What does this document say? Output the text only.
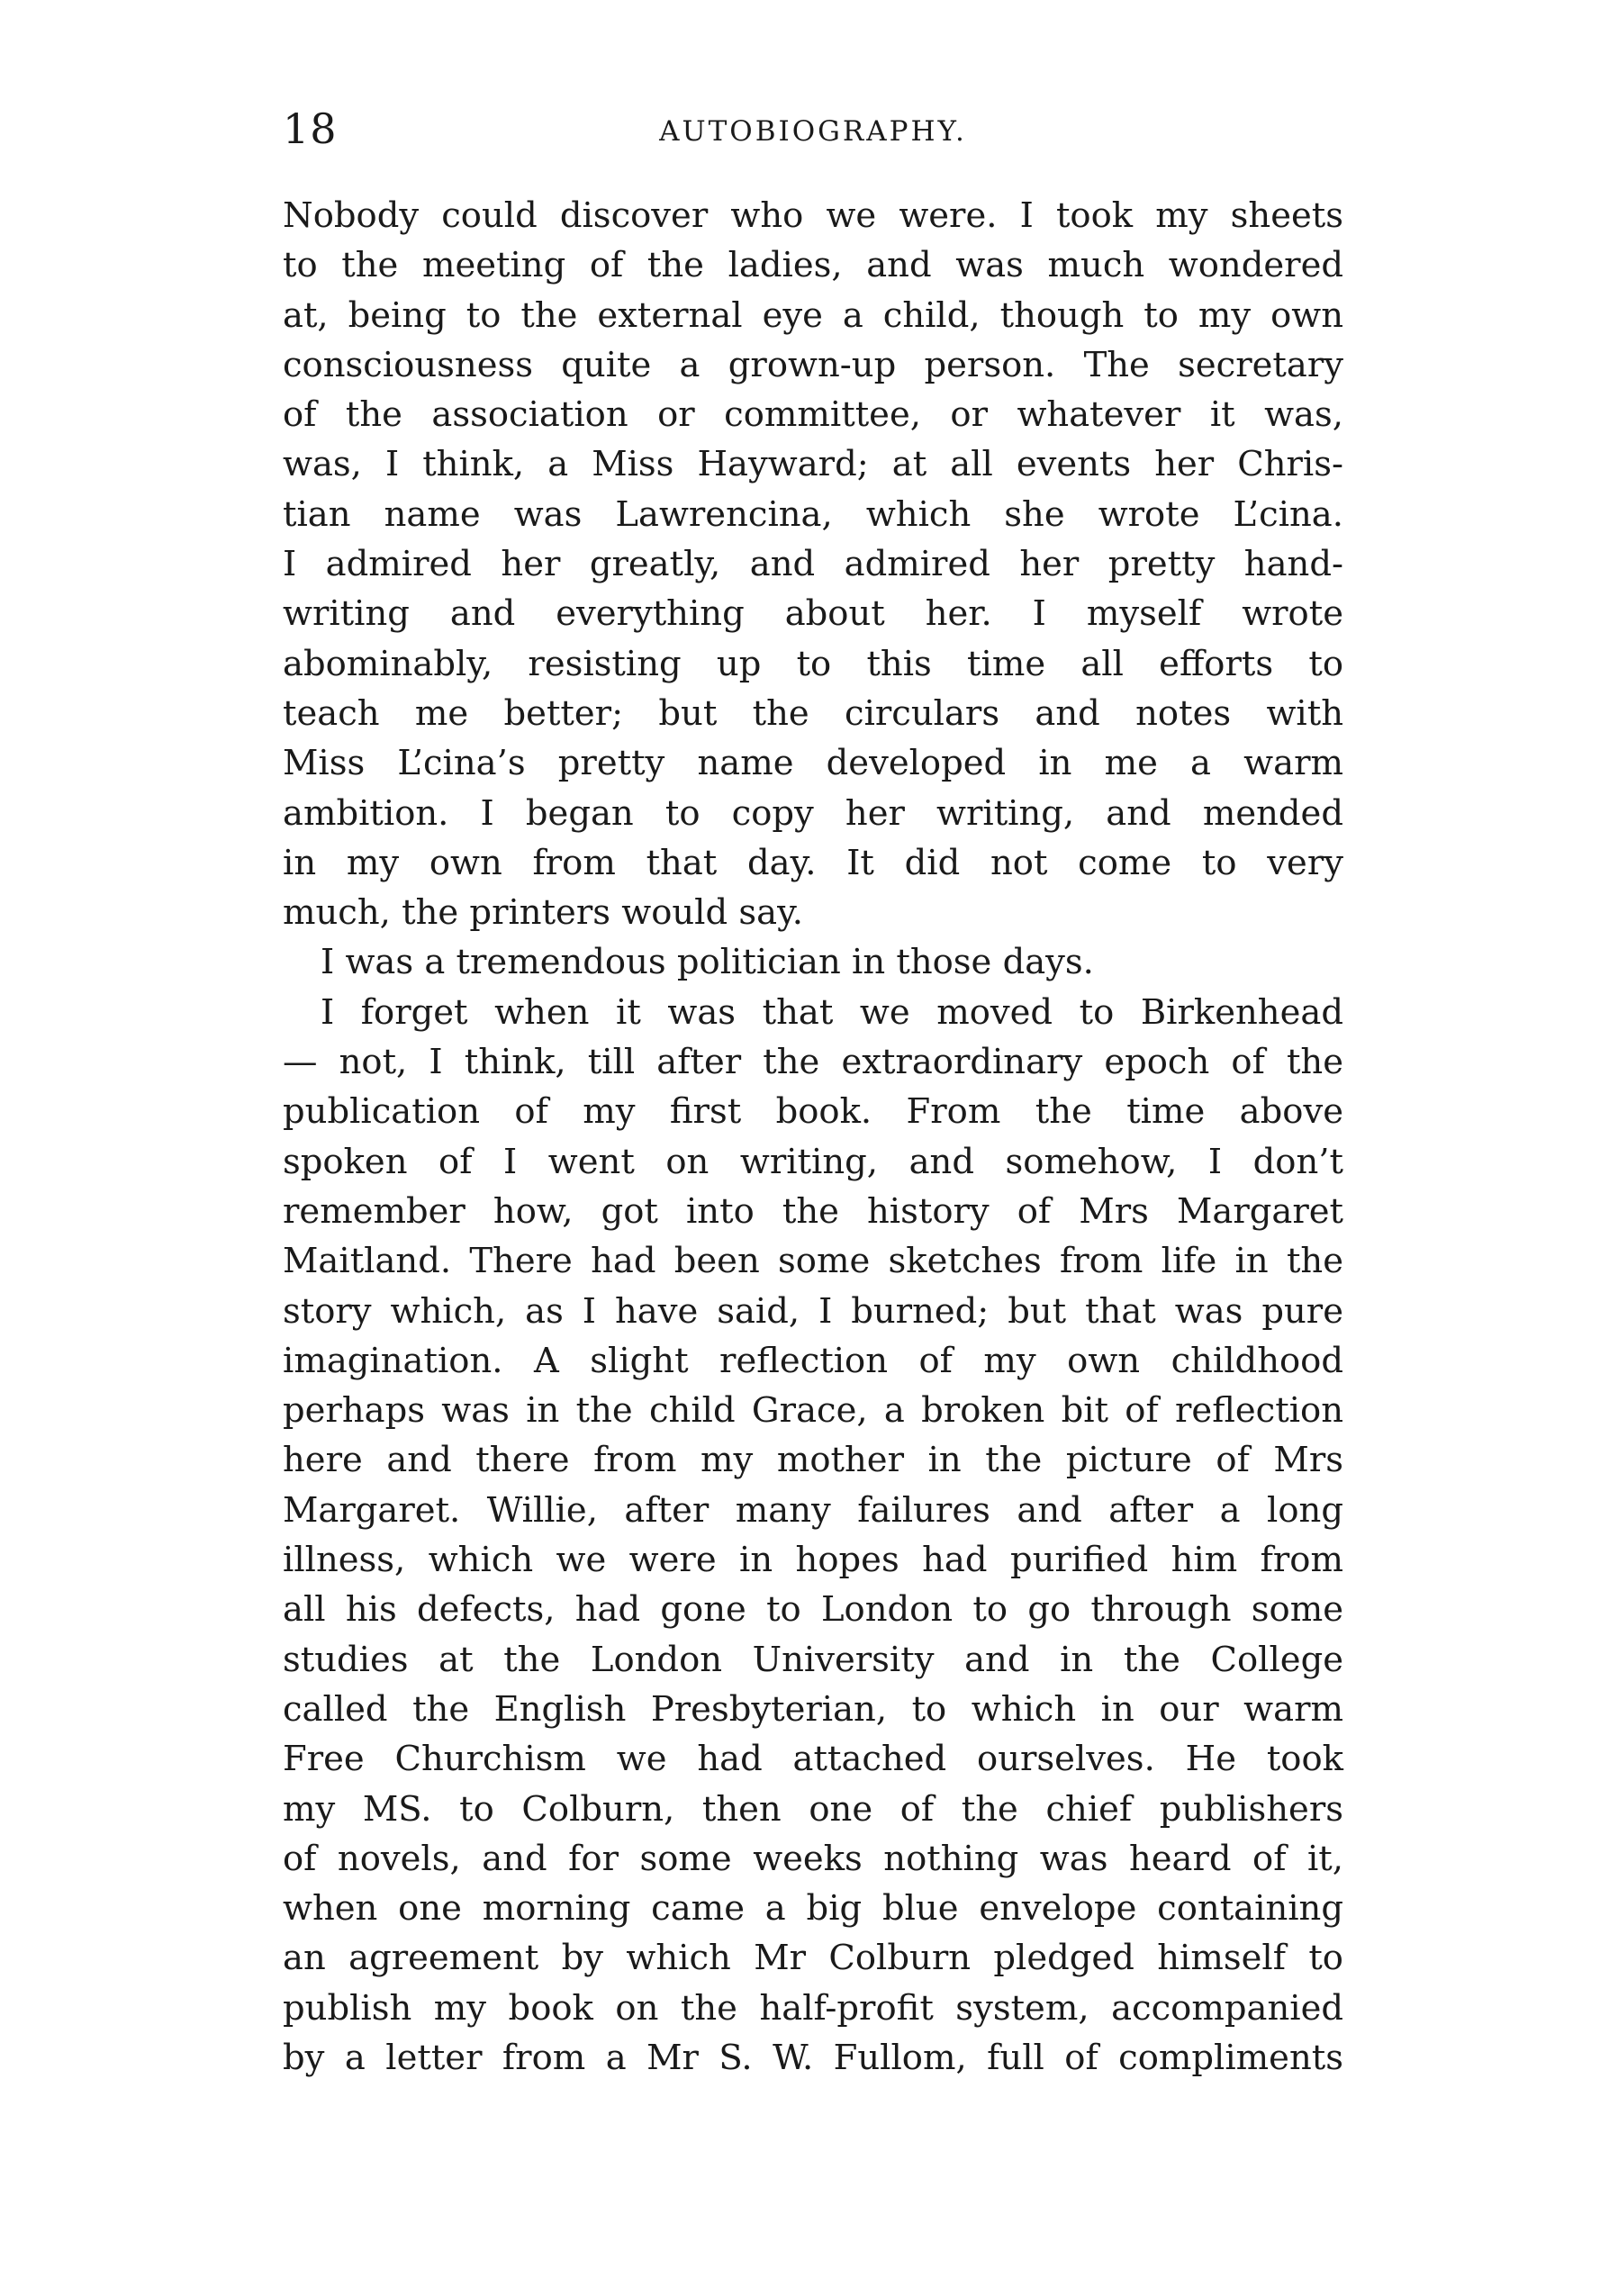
18	AUTOBIOGRAPHY.
Nobody could discover who we were. I took my sheets
to the meeting of the ladies, and was much wondered
at, being to the external eye a child, though to my own
consciousness quite a grown-up person. The secretary
of the association or committee, or whatever it was,
was, I think, a Miss Hayward; at all events her Chris-
tian name was Lawrencina, which she wrote L’cina.
I admired her greatly, and admired her pretty hand-
writing and everything about her. I myself wrote
abominably, resisting up to this time all efforts to
teach me better; but the circulars and notes with
Miss L’cina’s pretty name developed in me a warm
ambition. I began to copy her writing, and mended
in my own from that day. It did not come to very
much, the printers would say.
I was a tremendous politician in those days.
I forget when it was that we moved to Birkenhead
— not, I think, till after the extraordinary epoch of the
publication of my first book. From the time above
spoken of I went on writing, and somehow, I don’t
remember how, got into the history of Mrs Margaret
Maitland. There had been some sketches from life in the
story which, as I have said, I burned; but that was pure
imagination. A slight reflection of my own childhood
perhaps was in the child Grace, a broken bit of reflection
here and there from my mother in the picture of Mrs
Margaret. Willie, after many failures and after a long
illness, which we were in hopes had purified him from
all his defects, had gone to London to go through some
studies at the London University and in the College
called the English Presbyterian, to which in our warm
Free Churchism we had attached ourselves. He took
my MS. to Colburn, then one of the chief publishers
of novels, and for some weeks nothing was heard of it,
when one morning came a big blue envelope containing
an agreement by which Mr Colburn pledged himself to
publish my book on the half-profit system, accompanied
by a letter from a Mr S. W. Fullom, full of compliments
